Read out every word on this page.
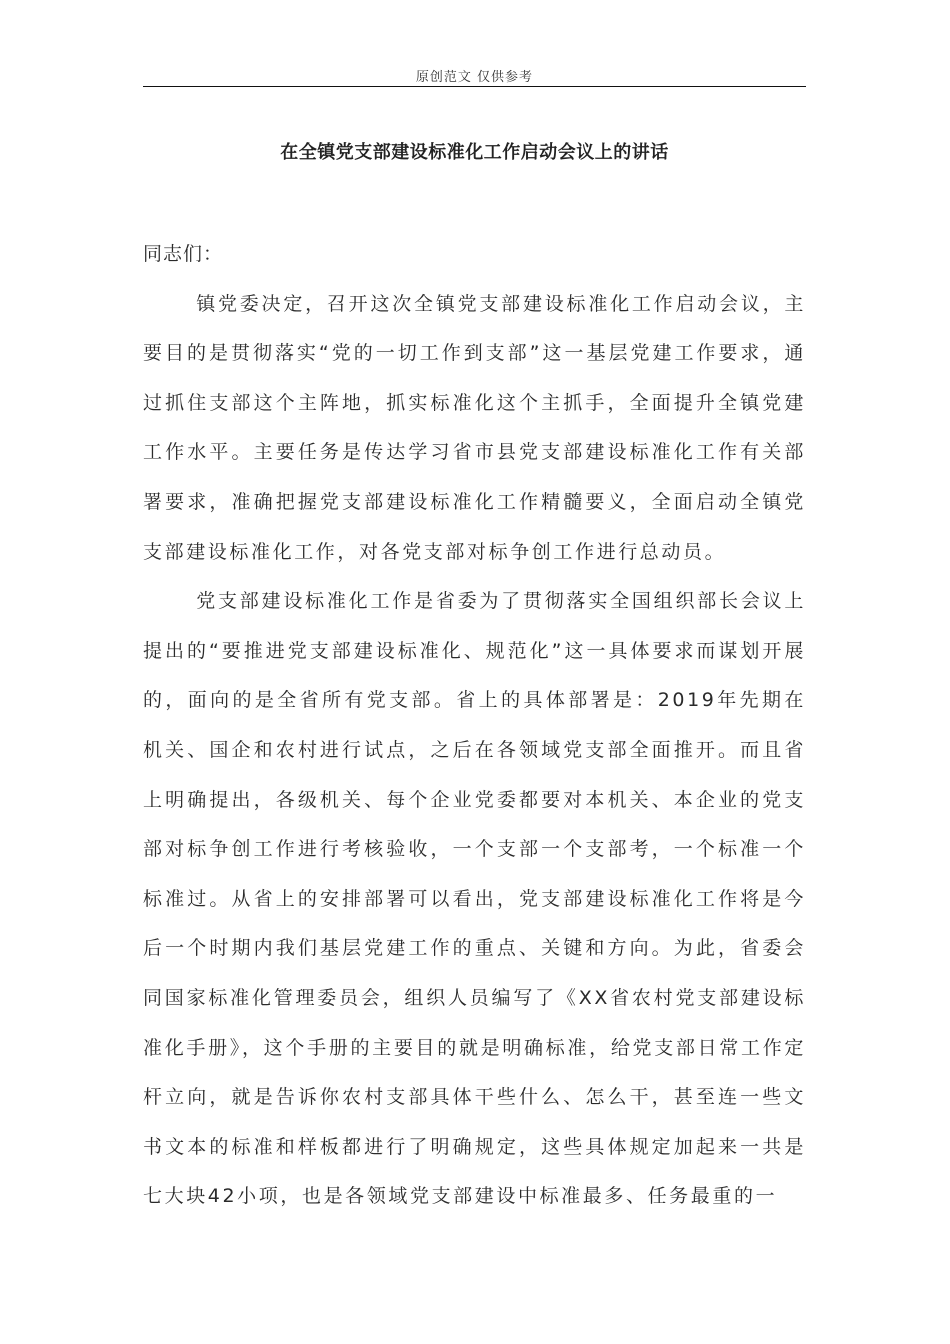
原创范文 仅供参考
在全镇党支部建设标准化工作启动会议上的讲话

同志们：

镇党委决定，召开这次全镇党支部建设标准化工作启动会议，主要目的是贯彻落实“党的一切工作到支部”这一基层党建工作要求，通过抓住支部这个主阵地，抓实标准化这个主抓手，全面提升全镇党建工作水平。主要任务是传达学习省市县党支部建设标准化工作有关部署要求，准确把握党支部建设标准化工作精髓要义，全面启动全镇党支部建设标准化工作，对各党支部对标争创工作进行总动员。

党支部建设标准化工作是省委为了贯彻落实全国组织部长会议上提出的“要推进党支部建设标准化、规范化”这一具体要求而谋划开展的，面向的是全省所有党支部。省上的具体部署是：2019年先期在机关、国企和农村进行试点，之后在各领域党支部全面推开。而且省上明确提出，各级机关、每个企业党委都要对本机关、本企业的党支部对标争创工作进行考核验收，一个支部一个支部考，一个标准一个标准过。从省上的安排部署可以看出，党支部建设标准化工作将是今后一个时期内我们基层党建工作的重点、关键和方向。为此，省委会同国家标准化管理委员会，组织人员编写了《XX省农村党支部建设标准化手册》，这个手册的主要目的就是明确标准，给党支部日常工作定杆立向，就是告诉你农村支部具体干些什么、怎么干，甚至连一些文书文本的标准和样板都进行了明确规定，这些具体规定加起来一共是七大块42小项，也是各领域党支部建设中标准最多、任务最重的一
